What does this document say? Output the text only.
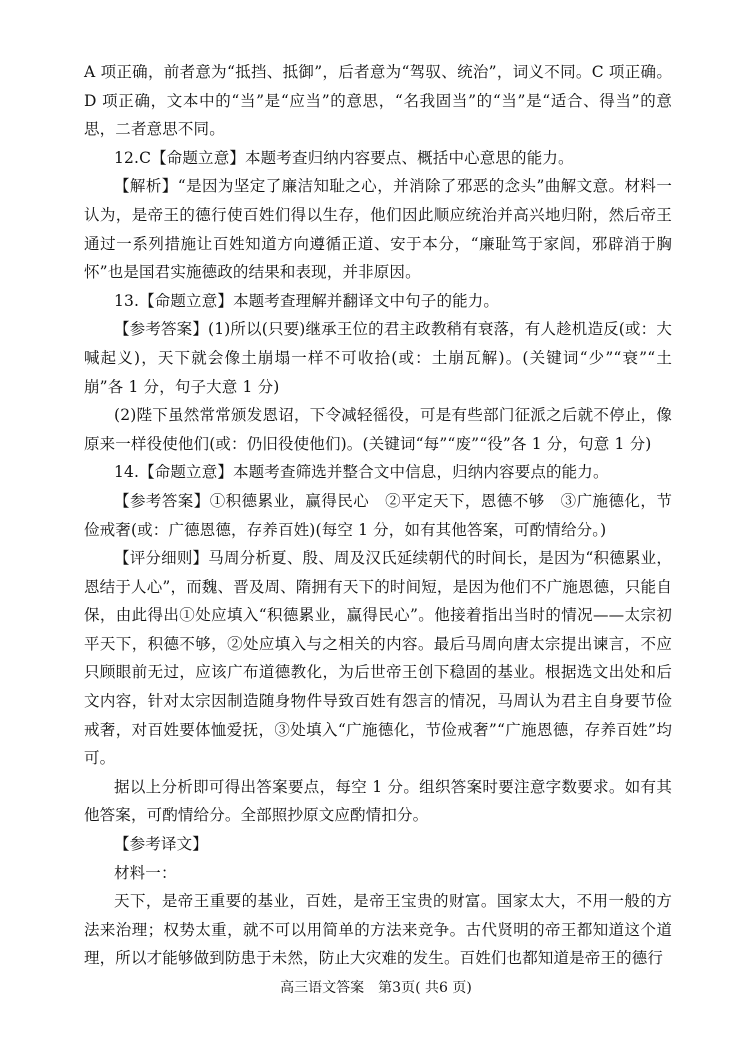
A 项正确，前者意为“抵挡、抵御”，后者意为“驾驭、统治”，词义不同。C 项正确。D 项正确，文本中的“当”是“应当”的意思，“名我固当”的“当”是“适合、得当”的意思，二者意思不同。

12.C【命题立意】本题考查归纳内容要点、概括中心意思的能力。

【解析】“是因为坚定了廉洁知耻之心，并消除了邪恶的念头”曲解文意。材料一认为，是帝王的德行使百姓们得以生存，他们因此顺应统治并高兴地归附，然后帝王通过一系列措施让百姓知道方向遵循正道、安于本分，“廉耻笃于家闾，邪辟消于胸怀”也是国君实施德政的结果和表现，并非原因。

13.【命题立意】本题考查理解并翻译文中句子的能力。

【参考答案】(1)所以(只要)继承王位的君主政教稍有衰落，有人趁机造反(或：大喊起义)，天下就会像土崩塌一样不可收拾(或：土崩瓦解)。(关键词“少”“衰”“土崩”各 1 分，句子大意 1 分)

(2)陛下虽然常常颁发恩诏，下令减轻徭役，可是有些部门征派之后就不停止，像原来一样役使他们(或：仍旧役使他们)。(关键词“每”“废”“役”各 1 分，句意 1 分)

14.【命题立意】本题考查筛选并整合文中信息，归纳内容要点的能力。

【参考答案】①积德累业，赢得民心　②平定天下，恩德不够　③广施德化，节俭戒奢(或：广德恩德，存养百姓)(每空 1 分，如有其他答案，可酌情给分。)

【评分细则】马周分析夏、殷、周及汉氏延续朝代的时间长，是因为“积德累业，恩结于人心”，而魏、晋及周、隋拥有天下的时间短，是因为他们不广施恩德，只能自保，由此得出①处应填入“积德累业，赢得民心”。他接着指出当时的情况——太宗初平天下，积德不够，②处应填入与之相关的内容。最后马周向唐太宗提出谏言，不应只顾眼前无过，应该广布道德教化，为后世帝王创下稳固的基业。根据选文出处和后文内容，针对太宗因制造随身物件导致百姓有怨言的情况，马周认为君主自身要节俭戒奢，对百姓要体恤爱抚，③处填入“广施德化，节俭戒奢”“广施恩德，存养百姓”均可。

据以上分析即可得出答案要点，每空 1 分。组织答案时要注意字数要求。如有其他答案，可酌情给分。全部照抄原文应酌情扣分。

【参考译文】

材料一：

天下，是帝王重要的基业，百姓，是帝王宝贵的财富。国家太大，不用一般的方法来治理；权势太重，就不可以用简单的方法来竞争。古代贤明的帝王都知道这个道理，所以才能够做到防患于未然，防止大灾难的发生。百姓们也都知道是帝王的德行

高三语文答案　第3页( 共6 页)
